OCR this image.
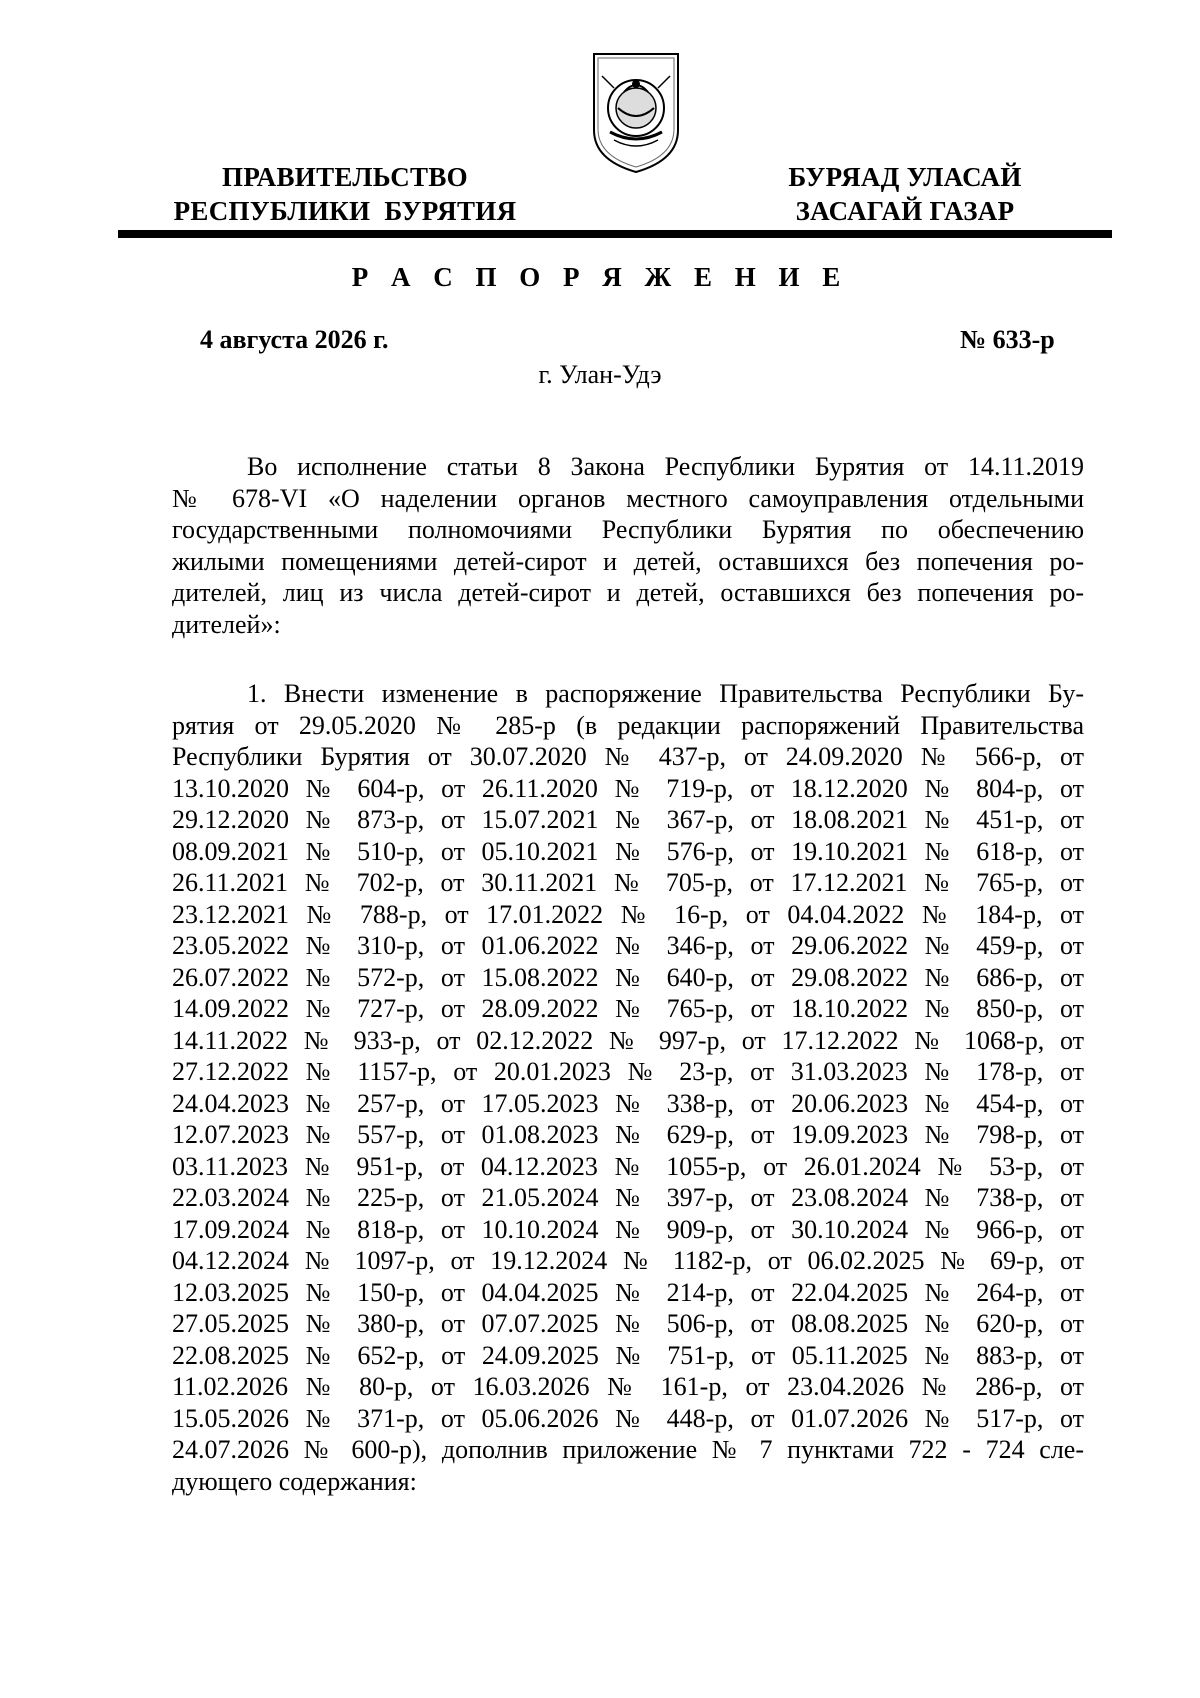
ПРАВИТЕЛЬСТВО
РЕСПУБЛИКИ  БУРЯТИЯ
БУРЯАД УЛАСАЙ
ЗАСАГАЙ ГАЗАР
Р А С П О Р Я Ж Е Н И Е
4 августа 2026 г.	№ 633-р
г. Улан-Удэ
Во исполнение статьи 8 Закона Республики Бурятия от 14.11.2019
№ 678-VI «О наделении органов местного самоуправления отдельными
государственными полномочиями Республики Бурятия по обеспечению
жилыми помещениями детей-сирот и детей, оставшихся без попечения ро-
дителей, лиц из числа детей-сирот и детей, оставшихся без попечения ро-
дителей»:
1. Внести изменение в распоряжение Правительства Республики Бу-
рятия от 29.05.2020 № 285-р (в редакции распоряжений Правительства
Республики Бурятия от 30.07.2020 № 437-р, от 24.09.2020 № 566-р, от
13.10.2020 № 604-р, от 26.11.2020 № 719-р, от 18.12.2020 № 804-р, от
29.12.2020 № 873-р, от 15.07.2021 № 367-р, от 18.08.2021 № 451-р, от
08.09.2021 № 510-р, от 05.10.2021 № 576-р, от 19.10.2021 № 618-р, от
26.11.2021 № 702-р, от 30.11.2021 № 705-р, от 17.12.2021 № 765-р, от
23.12.2021 № 788-р, от 17.01.2022 № 16-р, от 04.04.2022 № 184-р, от
23.05.2022 № 310-р, от 01.06.2022 № 346-р, от 29.06.2022 № 459-р, от
26.07.2022 № 572-р, от 15.08.2022 № 640-р, от 29.08.2022 № 686-р, от
14.09.2022 № 727-р, от 28.09.2022 № 765-р, от 18.10.2022 № 850-р, от
14.11.2022 № 933-р, от 02.12.2022 № 997-р, от 17.12.2022 № 1068-р, от
27.12.2022 № 1157-р, от 20.01.2023 № 23-р, от 31.03.2023 № 178-р, от
24.04.2023 № 257-р, от 17.05.2023 № 338-р, от 20.06.2023 № 454-р, от
12.07.2023 № 557-р, от 01.08.2023 № 629-р, от 19.09.2023 № 798-р, от
03.11.2023 № 951-р, от 04.12.2023 № 1055-р, от 26.01.2024 № 53-р, от
22.03.2024 № 225-р, от 21.05.2024 № 397-р, от 23.08.2024 № 738-р, от
17.09.2024 № 818-р, от 10.10.2024 № 909-р, от 30.10.2024 № 966-р, от
04.12.2024 № 1097-р, от 19.12.2024 № 1182-р, от 06.02.2025 № 69-р, от
12.03.2025 № 150-р, от 04.04.2025 № 214-р, от 22.04.2025 № 264-р, от
27.05.2025 № 380-р, от 07.07.2025 № 506-р, от 08.08.2025 № 620-р, от
22.08.2025 № 652-р, от 24.09.2025 № 751-р, от 05.11.2025 № 883-р, от
11.02.2026 № 80-р, от 16.03.2026 № 161-р, от 23.04.2026 № 286-р, от
15.05.2026 № 371-р, от 05.06.2026 № 448-р, от 01.07.2026 № 517-р, от
24.07.2026 № 600-р), дополнив приложение № 7 пунктами 722 - 724 сле-
дующего содержания:
